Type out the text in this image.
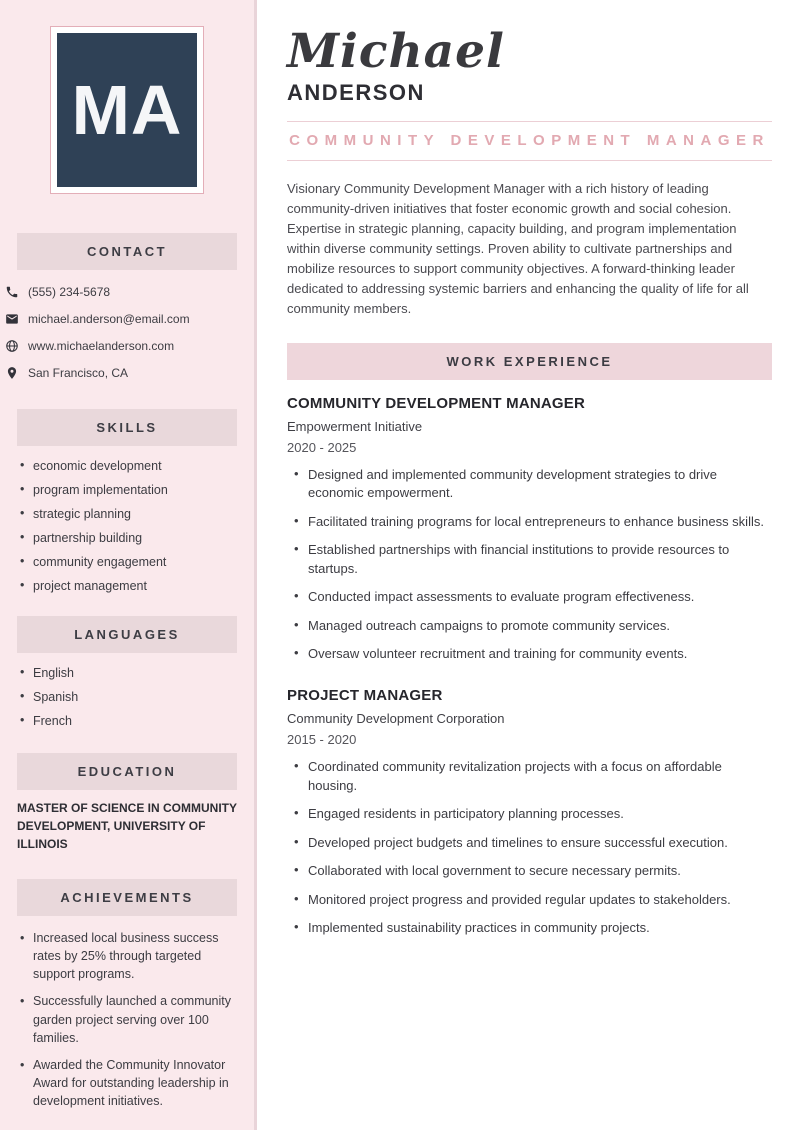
MA
CONTACT
(555) 234-5678
michael.anderson@email.com
www.michaelanderson.com
San Francisco, CA
SKILLS
• economic development
• program implementation
• strategic planning
• partnership building
• community engagement
• project management
LANGUAGES
• English
• Spanish
• French
EDUCATION

MASTER OF SCIENCE IN COMMUNITY DEVELOPMENT, UNIVERSITY OF ILLINOIS

ACHIEVEMENTS
• Increased local business success rates by 25% through targeted support programs.
• Successfully launched a community garden project serving over 100 families.
• Awarded the Community Innovator Award for outstanding leadership in development initiatives.
Michael
ANDERSON
COMMUNITY DEVELOPMENT MANAGER

Visionary Community Development Manager with a rich history of leading community-driven initiatives that foster economic growth and social cohesion. Expertise in strategic planning, capacity building, and program implementation within diverse community settings. Proven ability to cultivate partnerships and mobilize resources to support community objectives. A forward-thinking leader dedicated to addressing systemic barriers and enhancing the quality of life for all community members.

WORK EXPERIENCE
COMMUNITY DEVELOPMENT MANAGER
Empowerment Initiative
2020 - 2025
• Designed and implemented community development strategies to drive economic empowerment.
• Facilitated training programs for local entrepreneurs to enhance business skills.
• Established partnerships with financial institutions to provide resources to startups.
• Conducted impact assessments to evaluate program effectiveness.
• Managed outreach campaigns to promote community services.
• Oversaw volunteer recruitment and training for community events.
PROJECT MANAGER
Community Development Corporation
2015 - 2020
• Coordinated community revitalization projects with a focus on affordable housing.
• Engaged residents in participatory planning processes.
• Developed project budgets and timelines to ensure successful execution.
• Collaborated with local government to secure necessary permits.
• Monitored project progress and provided regular updates to stakeholders.
• Implemented sustainability practices in community projects.
